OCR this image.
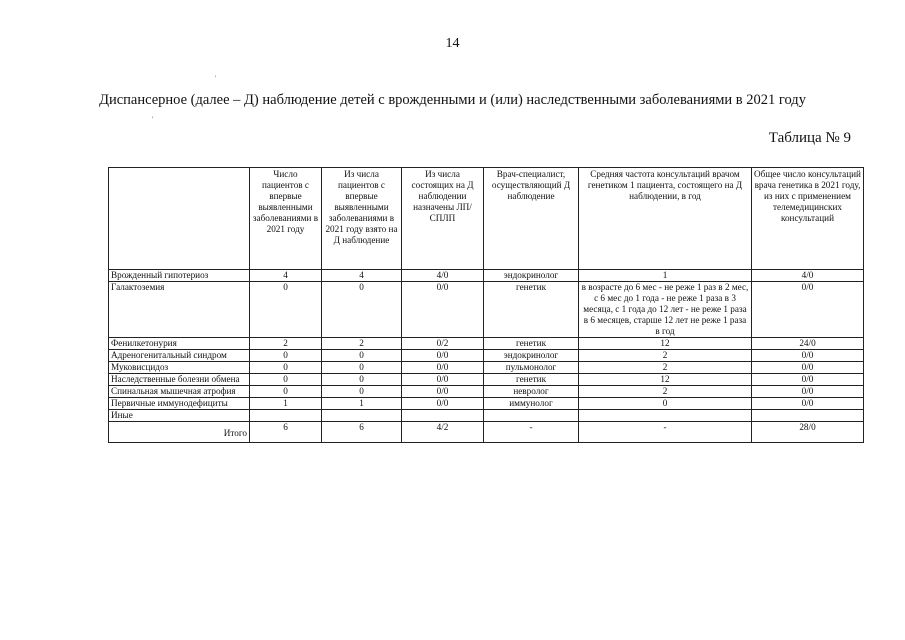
14
Диспансерное (далее – Д) наблюдение детей с врожденными и (или) наследственными заболеваниями в 2021 году
Таблица № 9
'
'
	Число пациентов с впервые выявленными заболеваниями в 2021 году	Из числа пациентов с впервые выявленными заболеваниями в 2021 году взято на Д наблюдение	Из числа состоящих на Д наблюдении назначены ЛП/СПЛП	Врач-специалист, осуществляющий Д наблюдение	Средняя частота консультаций врачом генетиком 1 пациента, состоящего на Д наблюдении, в год	Общее число консультаций врача генетика в 2021 году, из них с применением телемедицинских консультаций
Врожденный гипотериоз	4	4	4/0	эндокринолог	1	4/0
Галактоземия	0	0	0/0	генетик	в возрасте до 6 мес - не реже 1 раз в 2 мес, с 6 мес до 1 года - не реже 1 раза в 3 месяца, с 1 года до 12 лет - не реже 1 раза в 6 месяцев, старше 12 лет не реже 1 раза в год	0/0
Фенилкетонурия	2	2	0/2	генетик	12	24/0
Адреногенитальный синдром	0	0	0/0	эндокринолог	2	0/0
Муковисцидоз	0	0	0/0	пульмонолог	2	0/0
Наследственные болезни обмена	0	0	0/0	генетик	12	0/0
Спинальная мышечная атрофия	0	0	0/0	невролог	2	0/0
Первичные иммунодефициты	1	1	0/0	иммунолог	0	0/0
Иные						
Итого	6	6	4/2	-	-	28/0
